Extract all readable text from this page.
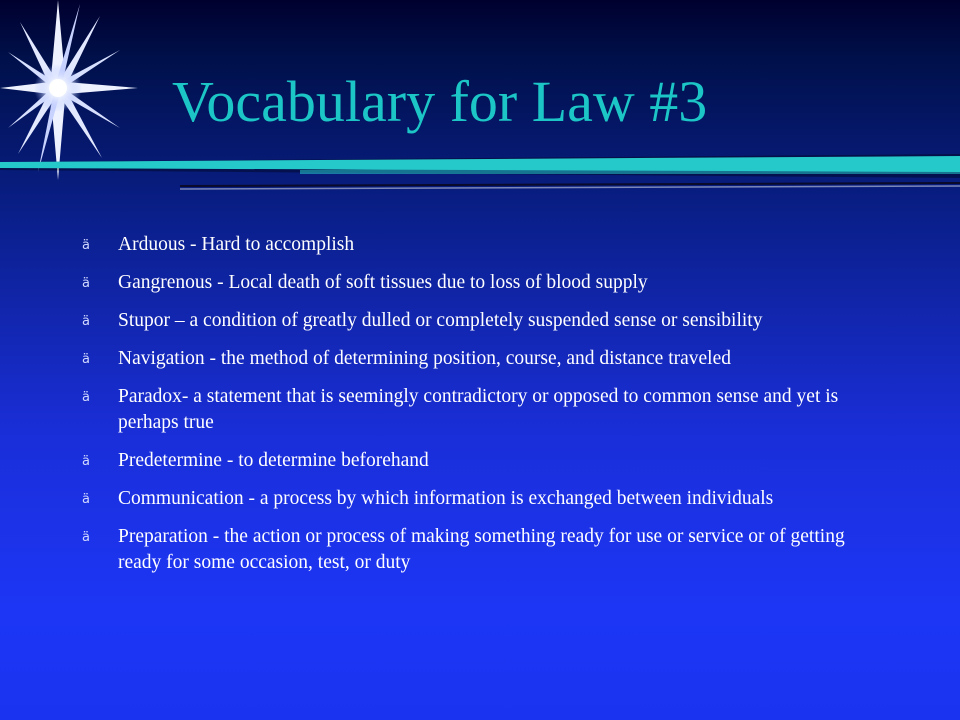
Vocabulary for Law #3
ä Arduous - Hard to accomplish
ä Gangrenous - Local death of soft tissues due to loss of blood supply
ä Stupor – a condition of greatly dulled or completely suspended sense or sensibility
ä Navigation - the method of determining position, course, and distance traveled
ä Paradox- a statement that is seemingly contradictory or opposed to common sense and yet is perhaps true
ä Predetermine - to determine beforehand
ä Communication - a process by which information is exchanged between individuals
ä Preparation - the action or process of making something ready for use or service or of getting ready for some occasion, test, or duty
